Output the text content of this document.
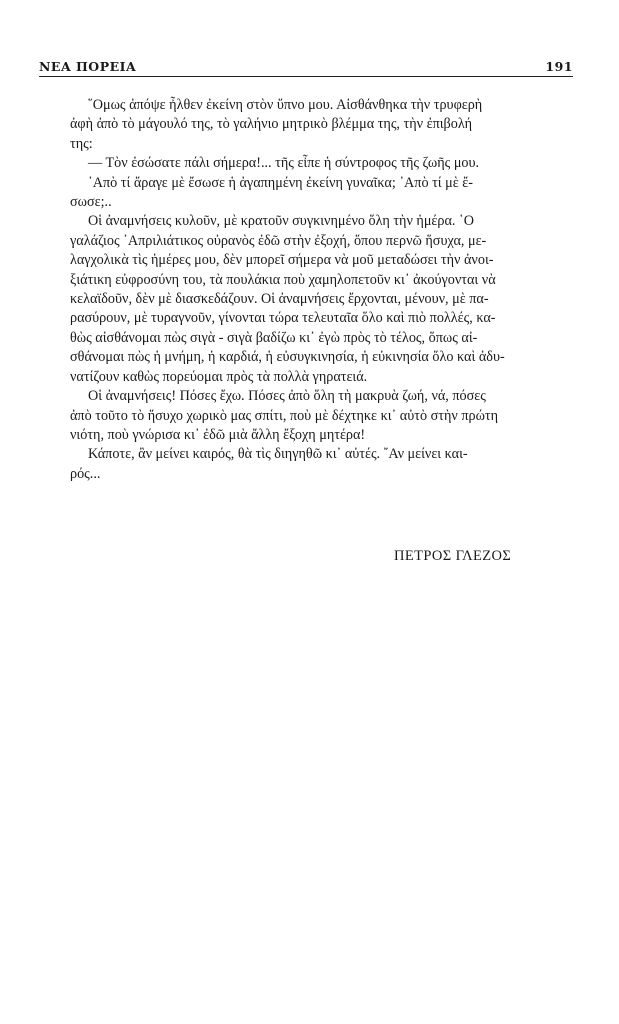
ΝΕΑ ΠΟΡΕΙΑ	191

῞Ομως ἀπόψε ἦλθεν ἐκείνη στὸν ὕπνο μου. Αἰσθάνθηκα τὴν τρυφερὴ
ἀφὴ ἀπὸ τὸ μάγουλό της, τὸ γαλήνιο μητρικὸ βλέμμα της, τὴν ἐπιβολή
της:

— Τὸν ἐσώσατε πάλι σήμερα!... τῆς εἶπε ἡ σύντροφος τῆς ζωῆς μου.

᾽Απὸ τί ἄραγε μὲ ἔσωσε ἡ ἀγαπημένη ἐκείνη γυναῖκα; ᾽Απὸ τί μὲ ἔ-
σωσε;..

Οἱ ἀναμνήσεις κυλοῦν, μὲ κρατοῦν συγκινημένο ὅλη τὴν ἡμέρα. ῾Ο
γαλάζιος ᾽Απριλιάτικος οὐρανὸς ἐδῶ στὴν ἐξοχή, ὅπου περνῶ ἥσυχα, με-
λαγχολικὰ τὶς ἡμέρες μου, δὲν μπορεῖ σήμερα νὰ μοῦ μεταδώσει τὴν ἀνοι-
ξιάτικη εὐφροσύνη του, τὰ πουλάκια ποὺ χαμηλοπετοῦν κι᾽ ἀκούγονται νὰ
κελαϊδοῦν, δὲν μὲ διασκεδάζουν. Οἱ ἀναμνήσεις ἔρχονται, μένουν, μὲ πα-
ρασύρουν, μὲ τυραγνοῦν, γίνονται τώρα τελευταῖα ὅλο καὶ πιὸ πολλές, κα-
θὼς αἰσθάνομαι πὼς σιγὰ - σιγὰ βαδίζω κι᾽ ἐγὼ πρὸς τὸ τέλος, ὅπως αἰ-
σθάνομαι πὼς ἡ μνήμη, ἡ καρδιά, ἡ εὐσυγκινησία, ἡ εὐκινησία ὅλο καὶ ἀδυ-
νατίζουν καθὼς πορεύομαι πρὸς τὰ πολλὰ γηρατειά.

Οἱ ἀναμνήσεις! Πόσες ἔχω. Πόσες ἀπὸ ὅλη τὴ μακρυὰ ζωή, νά, πόσες
ἀπὸ τοῦτο τὸ ἥσυχο χωρικὸ μας σπίτι, ποὺ μὲ δέχτηκε κι᾽ αὐτὸ στὴν πρώτη
νιότη, ποὺ γνώρισα κι᾽ ἐδῶ μιὰ ἄλλη ἔξοχη μητέρα!

Κάποτε, ἂν μείνει καιρός, θὰ τὶς διηγηθῶ κι᾽ αὐτές. ῎Αν μείνει και-
ρός...

ΠΕΤΡΟΣ ΓΛΕΖΟΣ
